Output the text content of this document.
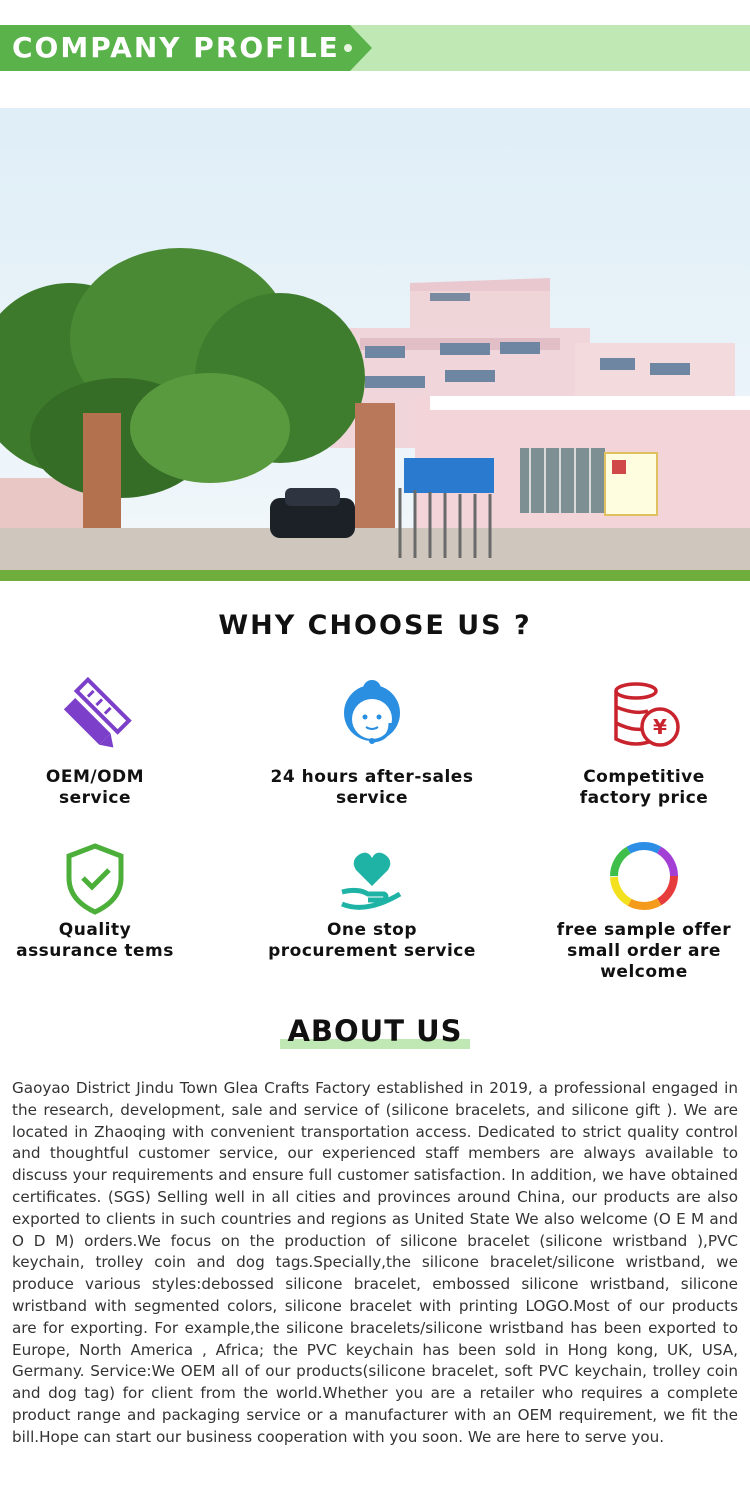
COMPANY PROFILE
WHY CHOOSE US ?
OEM/ODM
service
24 hours after-sales
service
¥
Competitive
factory price
Quality
assurance tems
One stop
procurement service
free sample offer
small order are
welcome
ABOUT US
Gaoyao District Jindu Town Glea Crafts Factory established in 2019, a professional engaged in the research, development, sale and service of (silicone bracelets, and silicone gift ). We are located in Zhaoqing with convenient transportation access. Dedicated to strict quality control and thoughtful customer service, our experienced staff members are always available to discuss your requirements and ensure full customer satisfaction. In addition, we have obtained certificates. (SGS) Selling well in all cities and provinces around China, our products are also exported to clients in such countries and regions as United State We also welcome (O E M and O D M) orders.We focus on the production of silicone bracelet (silicone wristband ),PVC keychain, trolley coin and dog tags.Specially,the silicone bracelet/silicone wristband, we produce various styles:debossed silicone bracelet, embossed silicone wristband, silicone wristband with segmented colors, silicone bracelet with printing LOGO.Most of our products are for exporting. For example,the silicone bracelets/silicone wristband has been exported to Europe, North America , Africa; the PVC keychain has been sold in Hong kong, UK, USA, Germany. Service:We OEM all of our products(silicone bracelet, soft PVC keychain, trolley coin and dog tag) for client from the world.Whether you are a retailer who requires a complete product range and packaging service or a manufacturer with an OEM requirement, we fit the bill.Hope can start our business cooperation with you soon. We are here to serve you.
